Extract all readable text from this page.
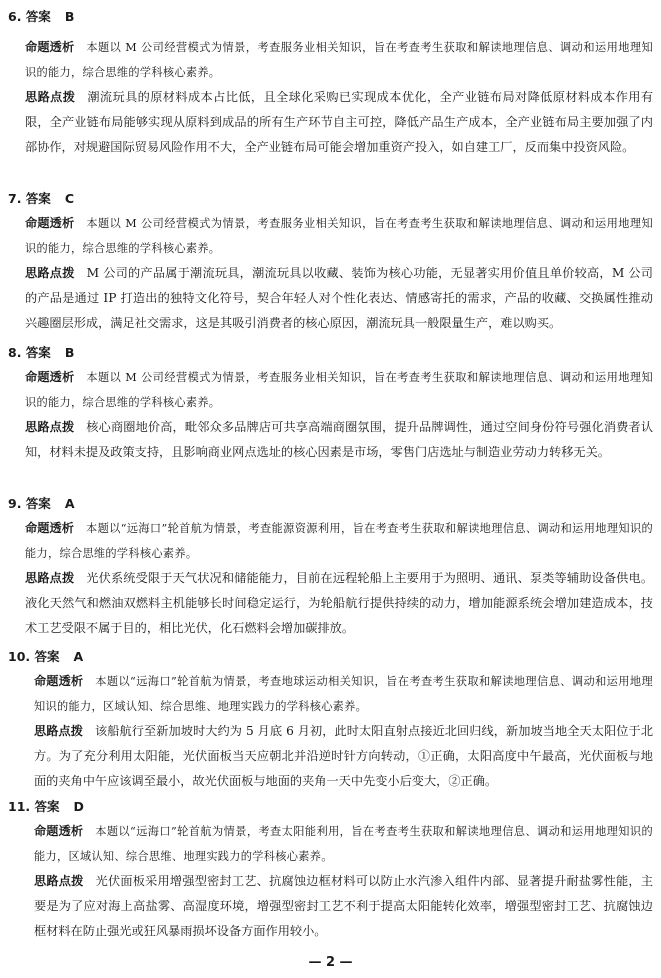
6. 答案 B

命题透析 本题以 M 公司经营模式为情景，考查服务业相关知识，旨在考查考生获取和解读地理信息、调动和运用地理知识的能力，综合思维的学科核心素养。

思路点拨 潮流玩具的原材料成本占比低，且全球化采购已实现成本优化，全产业链布局对降低原材料成本作用有限，全产业链布局能够实现从原料到成品的所有生产环节自主可控，降低产品生产成本，全产业链布局主要加强了内部协作，对规避国际贸易风险作用不大，全产业链布局可能会增加重资产投入，如自建工厂，反而集中投资风险。

7. 答案 C

命题透析 本题以 M 公司经营模式为情景，考查服务业相关知识，旨在考查考生获取和解读地理信息、调动和运用地理知识的能力，综合思维的学科核心素养。

思路点拨 M 公司的产品属于潮流玩具，潮流玩具以收藏、装饰为核心功能，无显著实用价值且单价较高，M 公司的产品是通过 IP 打造出的独特文化符号，契合年轻人对个性化表达、情感寄托的需求，产品的收藏、交换属性推动兴趣圈层形成，满足社交需求，这是其吸引消费者的核心原因，潮流玩具一般限量生产，难以购买。

8. 答案 B

命题透析 本题以 M 公司经营模式为情景，考查服务业相关知识，旨在考查考生获取和解读地理信息、调动和运用地理知识的能力，综合思维的学科核心素养。

思路点拨 核心商圈地价高，毗邻众多品牌店可共享高端商圈氛围，提升品牌调性，通过空间身份符号强化消费者认知，材料未提及政策支持，且影响商业网点选址的核心因素是市场，零售门店选址与制造业劳动力转移无关。

9. 答案 A

命题透析 本题以“远海口”轮首航为情景，考查能源资源利用，旨在考查考生获取和解读地理信息、调动和运用地理知识的能力，综合思维的学科核心素养。

思路点拨 光伏系统受限于天气状况和储能能力，目前在远程轮船上主要用于为照明、通讯、泵类等辅助设备供电。液化天然气和燃油双燃料主机能够长时间稳定运行，为轮船航行提供持续的动力，增加能源系统会增加建造成本，技术工艺受限不属于目的，相比光伏，化石燃料会增加碳排放。

10. 答案 A

命题透析 本题以“远海口”轮首航为情景，考查地球运动相关知识，旨在考查考生获取和解读地理信息、调动和运用地理知识的能力，区域认知、综合思维、地理实践力的学科核心素养。

思路点拨 该船航行至新加坡时大约为 5 月底 6 月初，此时太阳直射点接近北回归线，新加坡当地全天太阳位于北方。为了充分利用太阳能，光伏面板当天应朝北并沿逆时针方向转动，①正确，太阳高度中午最高，光伏面板与地面的夹角中午应该调至最小，故光伏面板与地面的夹角一天中先变小后变大，②正确。

11. 答案 D

命题透析 本题以“远海口”轮首航为情景，考查太阳能利用，旨在考查考生获取和解读地理信息、调动和运用地理知识的能力，区域认知、综合思维、地理实践力的学科核心素养。

思路点拨 光伏面板采用增强型密封工艺、抗腐蚀边框材料可以防止水汽渗入组件内部、显著提升耐盐雾性能，主要是为了应对海上高盐雾、高湿度环境，增强型密封工艺不利于提高太阳能转化效率，增强型密封工艺、抗腐蚀边框材料在防止强光或狂风暴雨损坏设备方面作用较小。

— 2 —
